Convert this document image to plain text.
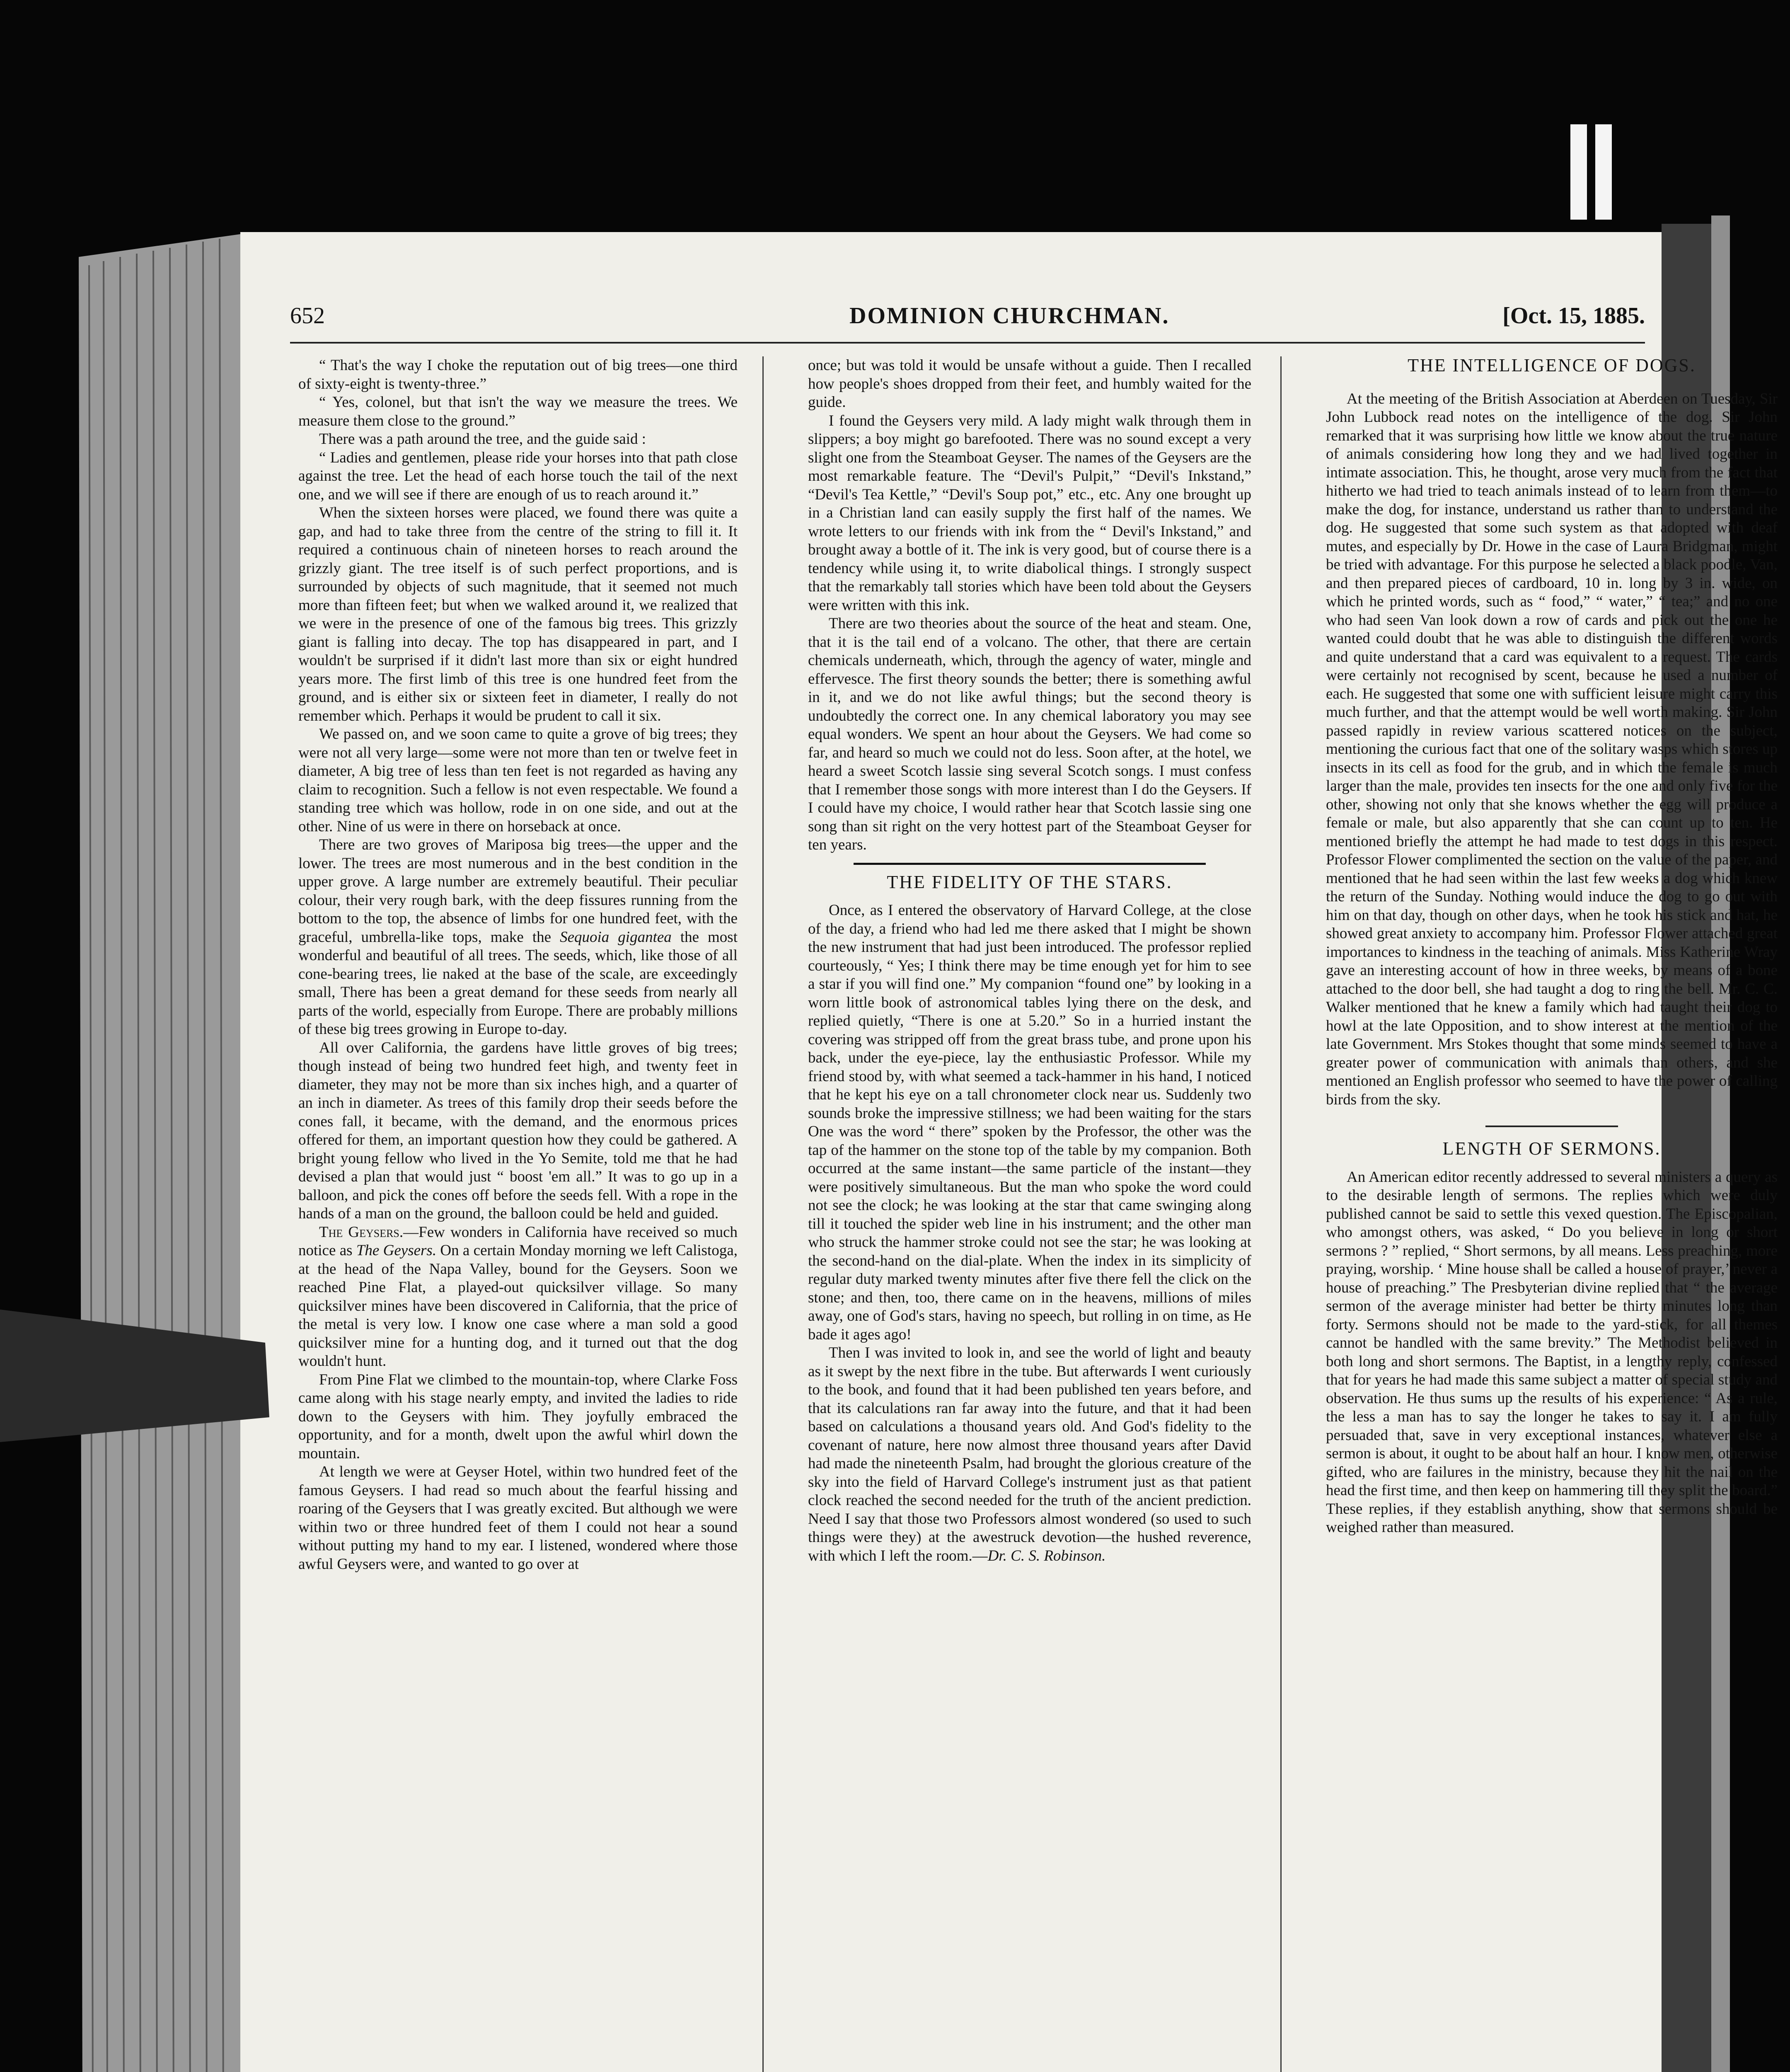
652	DOMINION CHURCHMAN.	[Oct. 15, 1885.

“ That's the way I choke the reputation out of big trees—one third of sixty-eight is twenty-three.”

“ Yes, colonel, but that isn't the way we measure the trees. We measure them close to the ground.”

There was a path around the tree, and the guide said :

“ Ladies and gentlemen, please ride your horses into that path close against the tree. Let the head of each horse touch the tail of the next one, and we will see if there are enough of us to reach around it.”

When the sixteen horses were placed, we found there was quite a gap, and had to take three from the centre of the string to fill it. It required a continuous chain of nineteen horses to reach around the grizzly giant. The tree itself is of such perfect proportions, and is surrounded by objects of such magnitude, that it seemed not much more than fifteen feet; but when we walked around it, we realized that we were in the presence of one of the famous big trees. This grizzly giant is falling into decay. The top has disappeared in part, and I wouldn't be surprised if it didn't last more than six or eight hundred years more. The first limb of this tree is one hundred feet from the ground, and is either six or sixteen feet in diameter, I really do not remember which. Perhaps it would be prudent to call it six.

We passed on, and we soon came to quite a grove of big trees; they were not all very large—some were not more than ten or twelve feet in diameter, A big tree of less than ten feet is not regarded as having any claim to recognition. Such a fellow is not even respectable. We found a standing tree which was hollow, rode in on one side, and out at the other. Nine of us were in there on horseback at once.

There are two groves of Mariposa big trees—the upper and the lower. The trees are most numerous and in the best condition in the upper grove. A large number are extremely beautiful. Their peculiar colour, their very rough bark, with the deep fissures running from the bottom to the top, the absence of limbs for one hundred feet, with the graceful, umbrella-like tops, make the Sequoia gigantea the most wonderful and beautiful of all trees. The seeds, which, like those of all cone-bearing trees, lie naked at the base of the scale, are exceedingly small, There has been a great demand for these seeds from nearly all parts of the world, especially from Europe. There are probably millions of these big trees growing in Europe to-day.

All over California, the gardens have little groves of big trees; though instead of being two hundred feet high, and twenty feet in diameter, they may not be more than six inches high, and a quarter of an inch in diameter. As trees of this family drop their seeds before the cones fall, it became, with the demand, and the enormous prices offered for them, an important question how they could be gathered. A bright young fellow who lived in the Yo Semite, told me that he had devised a plan that would just “ boost 'em all.” It was to go up in a balloon, and pick the cones off before the seeds fell. With a rope in the hands of a man on the ground, the balloon could be held and guided.

The Geysers.—Few wonders in California have received so much notice as The Geysers. On a certain Monday morning we left Calistoga, at the head of the Napa Valley, bound for the Geysers. Soon we reached Pine Flat, a played-out quicksilver village. So many quicksilver mines have been discovered in California, that the price of the metal is very low. I know one case where a man sold a good quicksilver mine for a hunting dog, and it turned out that the dog wouldn't hunt.

From Pine Flat we climbed to the mountain-top, where Clarke Foss came along with his stage nearly empty, and invited the ladies to ride down to the Geysers with him. They joyfully embraced the opportunity, and for a month, dwelt upon the awful whirl down the mountain.

At length we were at Geyser Hotel, within two hundred feet of the famous Geysers. I had read so much about the fearful hissing and roaring of the Geysers that I was greatly excited. But although we were within two or three hundred feet of them I could not hear a sound without putting my hand to my ear. I listened, wondered where those awful Geysers were, and wanted to go over at

once; but was told it would be unsafe without a guide. Then I recalled how people's shoes dropped from their feet, and humbly waited for the guide.

I found the Geysers very mild. A lady might walk through them in slippers; a boy might go barefooted. There was no sound except a very slight one from the Steamboat Geyser. The names of the Geysers are the most remarkable feature. The “Devil's Pulpit,” “Devil's Inkstand,” “Devil's Tea Kettle,” “Devil's Soup pot,” etc., etc. Any one brought up in a Christian land can easily supply the first half of the names. We wrote letters to our friends with ink from the “ Devil's Inkstand,” and brought away a bottle of it. The ink is very good, but of course there is a tendency while using it, to write diabolical things. I strongly suspect that the remarkably tall stories which have been told about the Geysers were written with this ink.

There are two theories about the source of the heat and steam. One, that it is the tail end of a volcano. The other, that there are certain chemicals underneath, which, through the agency of water, mingle and effervesce. The first theory sounds the better; there is something awful in it, and we do not like awful things; but the second theory is undoubtedly the correct one. In any chemical laboratory you may see equal wonders. We spent an hour about the Geysers. We had come so far, and heard so much we could not do less. Soon after, at the hotel, we heard a sweet Scotch lassie sing several Scotch songs. I must confess that I remember those songs with more interest than I do the Geysers. If I could have my choice, I would rather hear that Scotch lassie sing one song than sit right on the very hottest part of the Steamboat Geyser for ten years.

THE FIDELITY OF THE STARS.

Once, as I entered the observatory of Harvard College, at the close of the day, a friend who had led me there asked that I might be shown the new instrument that had just been introduced. The professor replied courteously, “ Yes; I think there may be time enough yet for him to see a star if you will find one.” My companion “found one” by looking in a worn little book of astronomical tables lying there on the desk, and replied quietly, “There is one at 5.20.” So in a hurried instant the covering was stripped off from the great brass tube, and prone upon his back, under the eye-piece, lay the enthusiastic Professor. While my friend stood by, with what seemed a tack-hammer in his hand, I noticed that he kept his eye on a tall chronometer clock near us. Suddenly two sounds broke the impressive stillness; we had been waiting for the stars One was the word “ there” spoken by the Professor, the other was the tap of the hammer on the stone top of the table by my companion. Both occurred at the same instant—the same particle of the instant—they were positively simultaneous. But the man who spoke the word could not see the clock; he was looking at the star that came swinging along till it touched the spider web line in his instrument; and the other man who struck the hammer stroke could not see the star; he was looking at the second-hand on the dial-plate. When the index in its simplicity of regular duty marked twenty minutes after five there fell the click on the stone; and then, too, there came on in the heavens, millions of miles away, one of God's stars, having no speech, but rolling in on time, as He bade it ages ago!

Then I was invited to look in, and see the world of light and beauty as it swept by the next fibre in the tube. But afterwards I went curiously to the book, and found that it had been published ten years before, and that its calculations ran far away into the future, and that it had been based on calculations a thousand years old. And God's fidelity to the covenant of nature, here now almost three thousand years after David had made the nineteenth Psalm, had brought the glorious creature of the sky into the field of Harvard College's instrument just as that patient clock reached the second needed for the truth of the ancient prediction. Need I say that those two Professors almost wondered (so used to such things were they) at the awestruck devotion—the hushed reverence, with which I left the room.—Dr. C. S. Robinson.

THE INTELLIGENCE OF DOGS.

At the meeting of the British Association at Aberdeen on Tuesday, Sir John Lubbock read notes on the intelligence of the dog. Sir John remarked that it was surprising how little we know about the true nature of animals considering how long they and we had lived together in intimate association. This, he thought, arose very much from the fact that hitherto we had tried to teach animals instead of to learn from them—to make the dog, for instance, understand us rather than to understand the dog. He suggested that some such system as that adopted with deaf mutes, and especially by Dr. Howe in the case of Laura Bridgman, might be tried with advantage. For this purpose he selected a black poodle, Van, and then prepared pieces of cardboard, 10 in. long by 3 in. wide, on which he printed words, such as “ food,” “ water,” “ tea;” and no one who had seen Van look down a row of cards and pick out the one he wanted could doubt that he was able to distinguish the different words and quite understand that a card was equivalent to a request. The cards were certainly not recognised by scent, because he used a number of each. He suggested that some one with sufficient leisure might carry this much further, and that the attempt would be well worth making. Sir John passed rapidly in review various scattered notices on the subject, mentioning the curious fact that one of the solitary wasps which stores up insects in its cell as food for the grub, and in which the female is much larger than the male, provides ten insects for the one and only five for the other, showing not only that she knows whether the egg will produce a female or male, but also apparently that she can count up to ten. He mentioned briefly the attempt he had made to test dogs in this respect. Professor Flower complimented the section on the value of the paper, and mentioned that he had seen within the last few weeks a dog which knew the return of the Sunday. Nothing would induce the dog to go out with him on that day, though on other days, when he took his stick and hat, he showed great anxiety to accompany him. Professor Flower attached great importances to kindness in the teaching of animals. Miss Katherine Wray gave an interesting account of how in three weeks, by means of a bone attached to the door bell, she had taught a dog to ring the bell. Mr. C. C. Walker mentioned that he knew a family which had taught their dog to howl at the late Opposition, and to show interest at the mention of the late Government. Mrs Stokes thought that some minds seemed to have a greater power of communication with animals than others, and she mentioned an English professor who seemed to have the power of calling birds from the sky.

LENGTH OF SERMONS.

An American editor recently addressed to several ministers a query as to the desirable length of sermons. The replies which were duly published cannot be said to settle this vexed question. The Episcopalian, who amongst others, was asked, “ Do you believe in long or short sermons ? ” replied, “ Short sermons, by all means. Less preaching, more praying, worship. ‘ Mine house shall be called a house of prayer,’ never a house of preaching.” The Presbyterian divine replied that “ the average sermon of the average minister had better be thirty minutes long than forty. Sermons should not be made to the yard-stick, for all themes cannot be handled with the same brevity.” The Methodist believed in both long and short sermons. The Baptist, in a lengthy reply, confessed that for years he had made this same subject a matter of special study and observation. He thus sums up the results of his experience: “ As a rule, the less a man has to say the longer he takes to say it. I am fully persuaded that, save in very exceptional instances, whatever else a sermon is about, it ought to be about half an hour. I know men, otherwise gifted, who are failures in the ministry, because they hit the nail on the head the first time, and then keep on hammering till they split the board.” These replies, if they establish anything, show that sermons should be weighed rather than measured.
